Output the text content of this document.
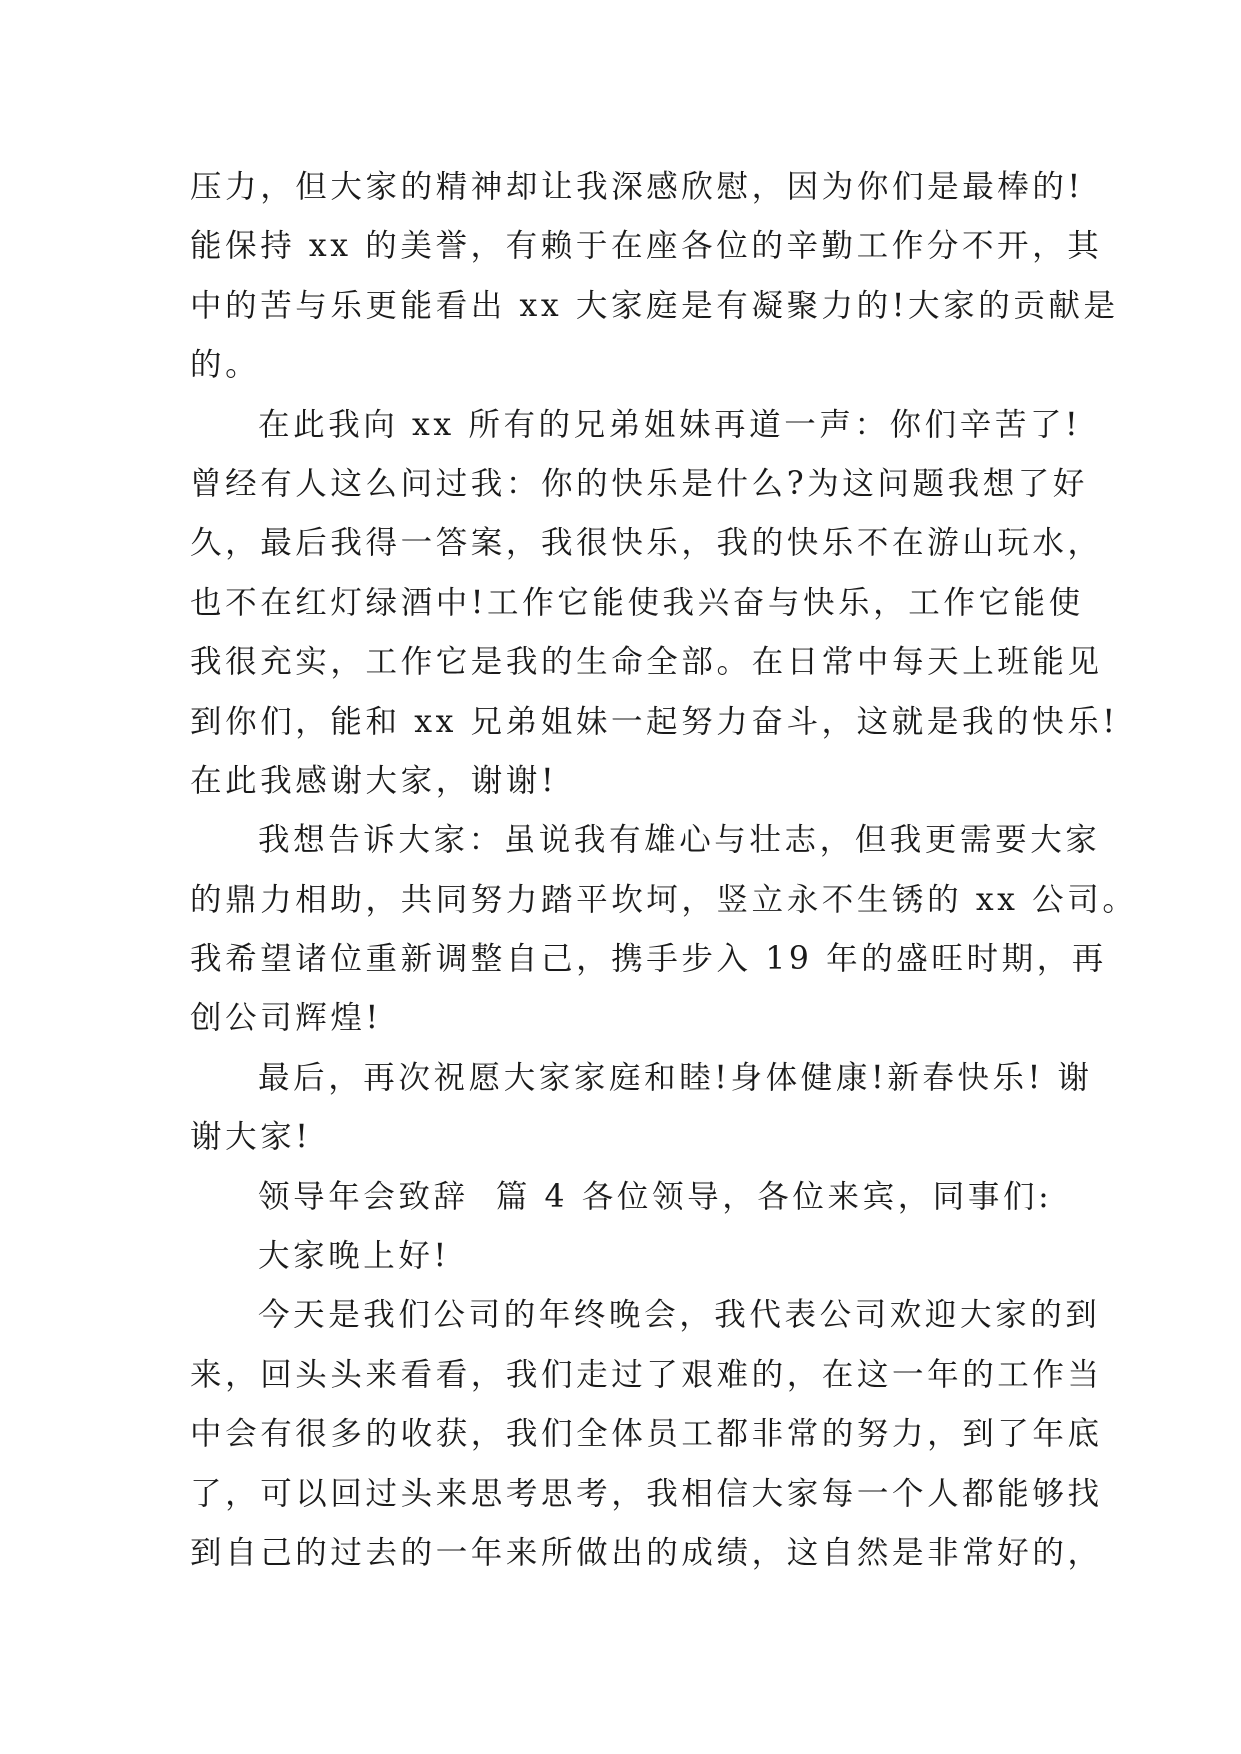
压力，但大家的精神却让我深感欣慰，因为你们是最棒的!
能保持 xx 的美誉，有赖于在座各位的辛勤工作分不开，其
中的苦与乐更能看出 xx 大家庭是有凝聚力的!大家的贡献是
的。
在此我向 xx 所有的兄弟姐妹再道一声：你们辛苦了!
曾经有人这么问过我：你的快乐是什么?为这问题我想了好
久，最后我得一答案，我很快乐，我的快乐不在游山玩水，
也不在红灯绿酒中!工作它能使我兴奋与快乐，工作它能使
我很充实，工作它是我的生命全部。在日常中每天上班能见
到你们，能和 xx 兄弟姐妹一起努力奋斗，这就是我的快乐!
在此我感谢大家，谢谢!
我想告诉大家：虽说我有雄心与壮志，但我更需要大家
的鼎力相助，共同努力踏平坎坷，竖立永不生锈的 xx 公司。
我希望诸位重新调整自己，携手步入 19 年的盛旺时期，再
创公司辉煌!
最后，再次祝愿大家家庭和睦!身体健康!新春快乐! 谢
谢大家!
领导年会致辞  篇 4 各位领导，各位来宾，同事们:
大家晚上好!
今天是我们公司的年终晚会，我代表公司欢迎大家的到
来，回头头来看看，我们走过了艰难的，在这一年的工作当
中会有很多的收获，我们全体员工都非常的努力，到了年底
了，可以回过头来思考思考，我相信大家每一个人都能够找
到自己的过去的一年来所做出的成绩，这自然是非常好的，
